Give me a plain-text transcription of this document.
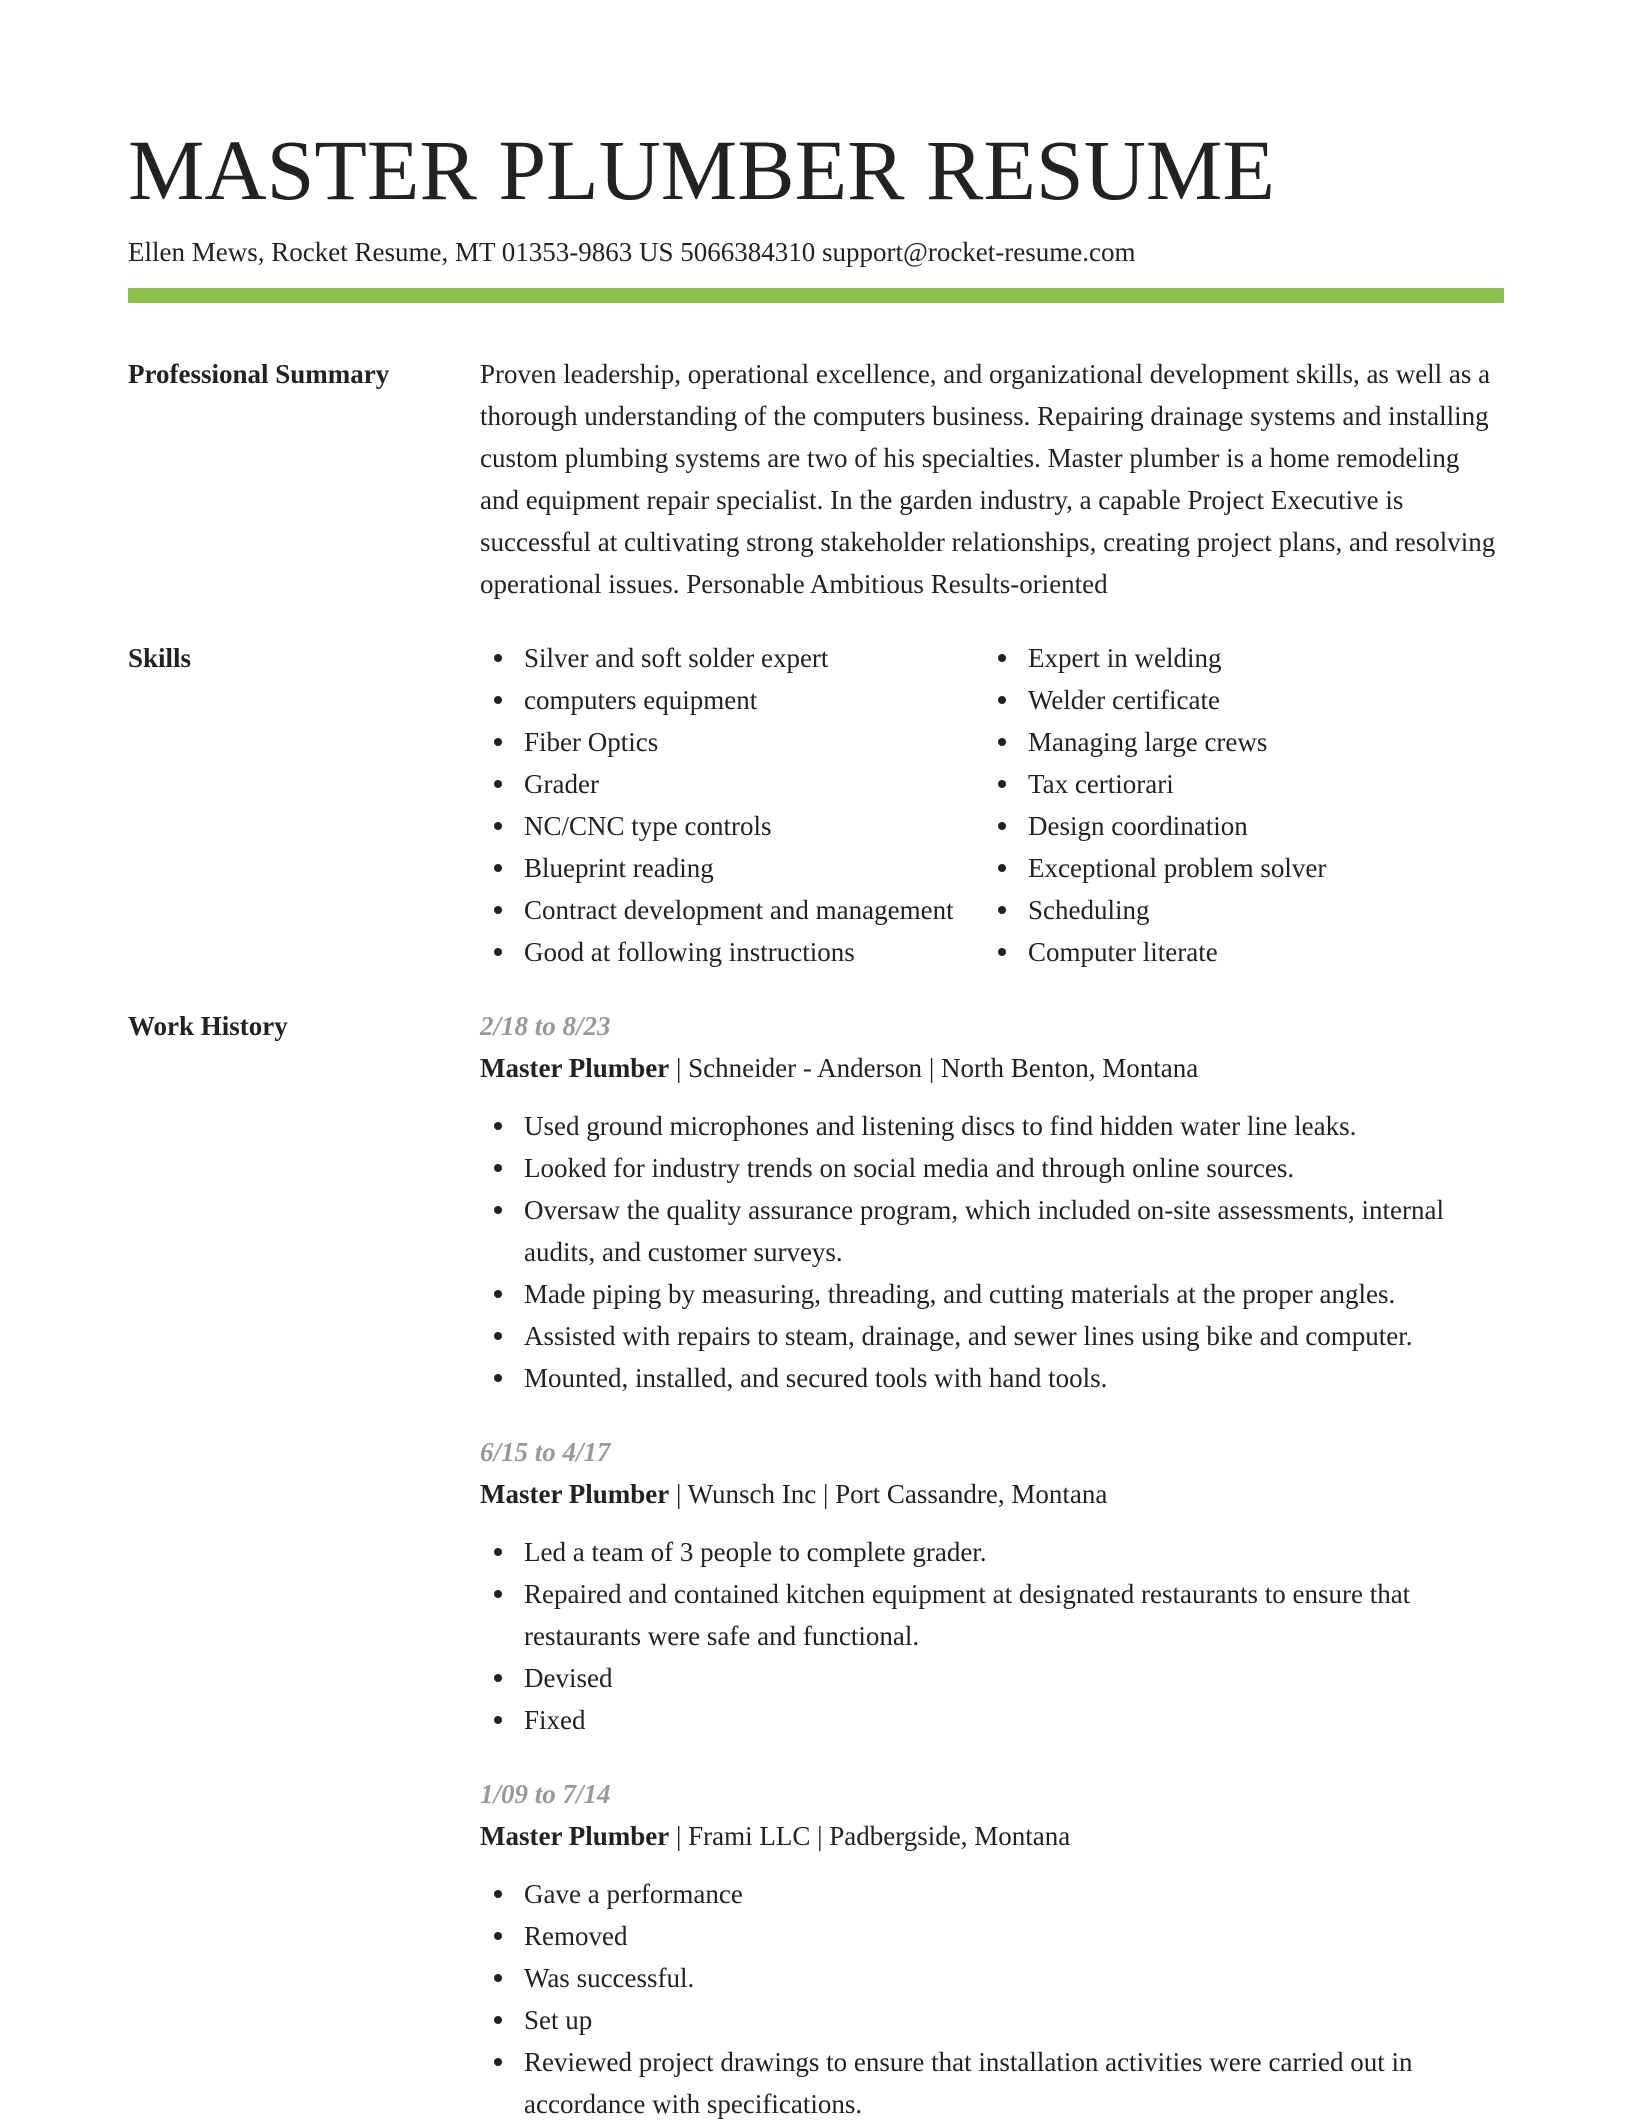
MASTER PLUMBER RESUME
Ellen Mews, Rocket Resume, MT 01353-9863 US 5066384310 support@rocket-resume.com
Professional Summary	Proven leadership, operational excellence, and organizational development skills, as well as a thorough understanding of the computers business. Repairing drainage systems and installing custom plumbing systems are two of his specialties. Master plumber is a home remodeling and equipment repair specialist. In the garden industry, a capable Project Executive is successful at cultivating strong stakeholder relationships, creating project plans, and resolving operational issues. Personable Ambitious Results-oriented

Skills	Silver and soft solder expert
computers equipment
Fiber Optics
Grader
NC/CNC type controls
Blueprint reading
Contract development and management
Good at following instructions
Expert in welding
Welder certificate
Managing large crews
Tax certiorari
Design coordination
Exceptional problem solver
Scheduling
Computer literate
Work History	2/18 to 8/23
Master Plumber | Schneider - Anderson | North Benton, Montana
Used ground microphones and listening discs to find hidden water line leaks.
Looked for industry trends on social media and through online sources.
Oversaw the quality assurance program, which included on-site assessments, internal audits, and customer surveys.
Made piping by measuring, threading, and cutting materials at the proper angles.
Assisted with repairs to steam, drainage, and sewer lines using bike and computer.
Mounted, installed, and secured tools with hand tools.
6/15 to 4/17
Master Plumber | Wunsch Inc | Port Cassandre, Montana
Led a team of 3 people to complete grader.
Repaired and contained kitchen equipment at designated restaurants to ensure that restaurants were safe and functional.
Devised
Fixed
1/09 to 7/14
Master Plumber | Frami LLC | Padbergside, Montana
Gave a performance
Removed
Was successful.
Set up
Reviewed project drawings to ensure that installation activities were carried out in accordance with specifications.
